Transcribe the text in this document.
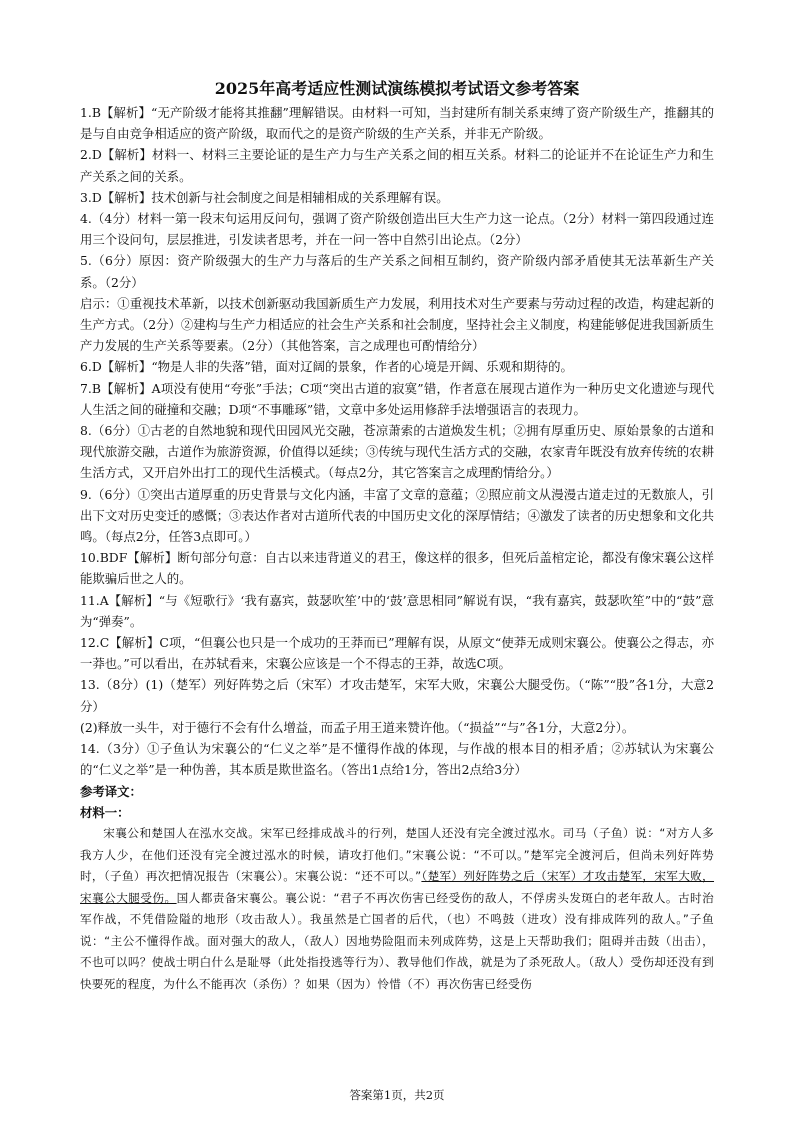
2025年高考适应性测试演练模拟考试语文参考答案

1.B【解析】“无产阶级才能将其推翻”理解错误。由材料一可知，当封建所有制关系束缚了资产阶级生产，推翻其的是与自由竞争相适应的资产阶级，取而代之的是资产阶级的生产关系，并非无产阶级。

2.D【解析】材料一、材料三主要论证的是生产力与生产关系之间的相互关系。材料二的论证并不在论证生产力和生产关系之间的关系。

3.D【解析】技术创新与社会制度之间是相辅相成的关系理解有误。

4.（4分）材料一第一段末句运用反问句，强调了资产阶级创造出巨大生产力这一论点。（2分）材料一第四段通过连用三个设问句，层层推进，引发读者思考，并在一问一答中自然引出论点。（2分）

5.（6分）原因：资产阶级强大的生产力与落后的生产关系之间相互制约，资产阶级内部矛盾使其无法革新生产关系。（2分）

启示：①重视技术革新，以技术创新驱动我国新质生产力发展，利用技术对生产要素与劳动过程的改造，构建起新的生产方式。（2分）②建构与生产力相适应的社会生产关系和社会制度，坚持社会主义制度，构建能够促进我国新质生产力发展的生产关系等要素。（2分）（其他答案，言之成理也可酌情给分）

6.D【解析】“物是人非的失落”错，面对辽阔的景象，作者的心境是开阔、乐观和期待的。

7.B【解析】A项没有使用“夸张”手法；C项“突出古道的寂寞”错，作者意在展现古道作为一种历史文化遗迹与现代人生活之间的碰撞和交融；D项“不事雕琢”错，文章中多处运用修辞手法增强语言的表现力。

8.（6分）①古老的自然地貌和现代田园风光交融，苍凉萧索的古道焕发生机；②拥有厚重历史、原始景象的古道和现代旅游交融，古道作为旅游资源，价值得以延续；③传统与现代生活方式的交融，农家青年既没有放弃传统的农耕生活方式，又开启外出打工的现代生活模式。（每点2分，其它答案言之成理酌情给分。）

9.（6分）①突出古道厚重的历史背景与文化内涵，丰富了文章的意蕴；②照应前文从漫漫古道走过的无数旅人，引出下文对历史变迁的感慨；③表达作者对古道所代表的中国历史文化的深厚情结；④激发了读者的历史想象和文化共鸣。（每点2分，任答3点即可。）

10.BDF【解析】断句部分句意：自古以来违背道义的君王，像这样的很多，但死后盖棺定论，都没有像宋襄公这样能欺骗后世之人的。

11.A【解析】“与《短歌行》‘我有嘉宾，鼓瑟吹笙’中的‘鼓’意思相同”解说有误，“我有嘉宾，鼓瑟吹笙”中的“鼓”意为“弹奏”。

12.C【解析】C项，“但襄公也只是一个成功的王莽而已”理解有误，从原文“使莽无成则宋襄公。使襄公之得志，亦一莽也。”可以看出，在苏轼看来，宋襄公应该是一个不得志的王莽，故选C项。

13.（8分）(1)（楚军）列好阵势之后（宋军）才攻击楚军，宋军大败，宋襄公大腿受伤。（“陈”“股”各1分，大意2分）

(2)释放一头牛，对于德行不会有什么增益，而孟子用王道来赞许他。（“损益”“与”各1分，大意2分）。

14.（3分）①子鱼认为宋襄公的“仁义之举”是不懂得作战的体现，与作战的根本目的相矛盾；②苏轼认为宋襄公的“仁义之举”是一种伪善，其本质是欺世盗名。（答出1点给1分，答出2点给3分）

参考译文：

材料一：

宋襄公和楚国人在泓水交战。宋军已经排成战斗的行列，楚国人还没有完全渡过泓水。司马（子鱼）说：“对方人多我方人少，在他们还没有完全渡过泓水的时候，请攻打他们。”宋襄公说：“不可以。”楚军完全渡河后，但尚未列好阵势时，（子鱼）再次把情况报告（宋襄公）。宋襄公说：“还不可以。”（楚军）列好阵势之后（宋军）才攻击楚军，宋军大败，宋襄公大腿受伤。国人都责备宋襄公。襄公说：“君子不再次伤害已经受伤的敌人，不俘虏头发斑白的老年敌人。古时治军作战，不凭借险隘的地形（攻击敌人）。我虽然是亡国者的后代，（也）不鸣鼓（进攻）没有排成阵列的敌人。”子鱼说：“主公不懂得作战。面对强大的敌人，（敌人）因地势险阻而未列成阵势，这是上天帮助我们；阻碍并击鼓（出击），不也可以吗？使战士明白什么是耻辱（此处指投逃等行为）、教导他们作战，就是为了杀死敌人。（敌人）受伤却还没有到快要死的程度，为什么不能再次（杀伤）？如果（因为）怜惜（不）再次伤害已经受伤

答案第1页，共2页
